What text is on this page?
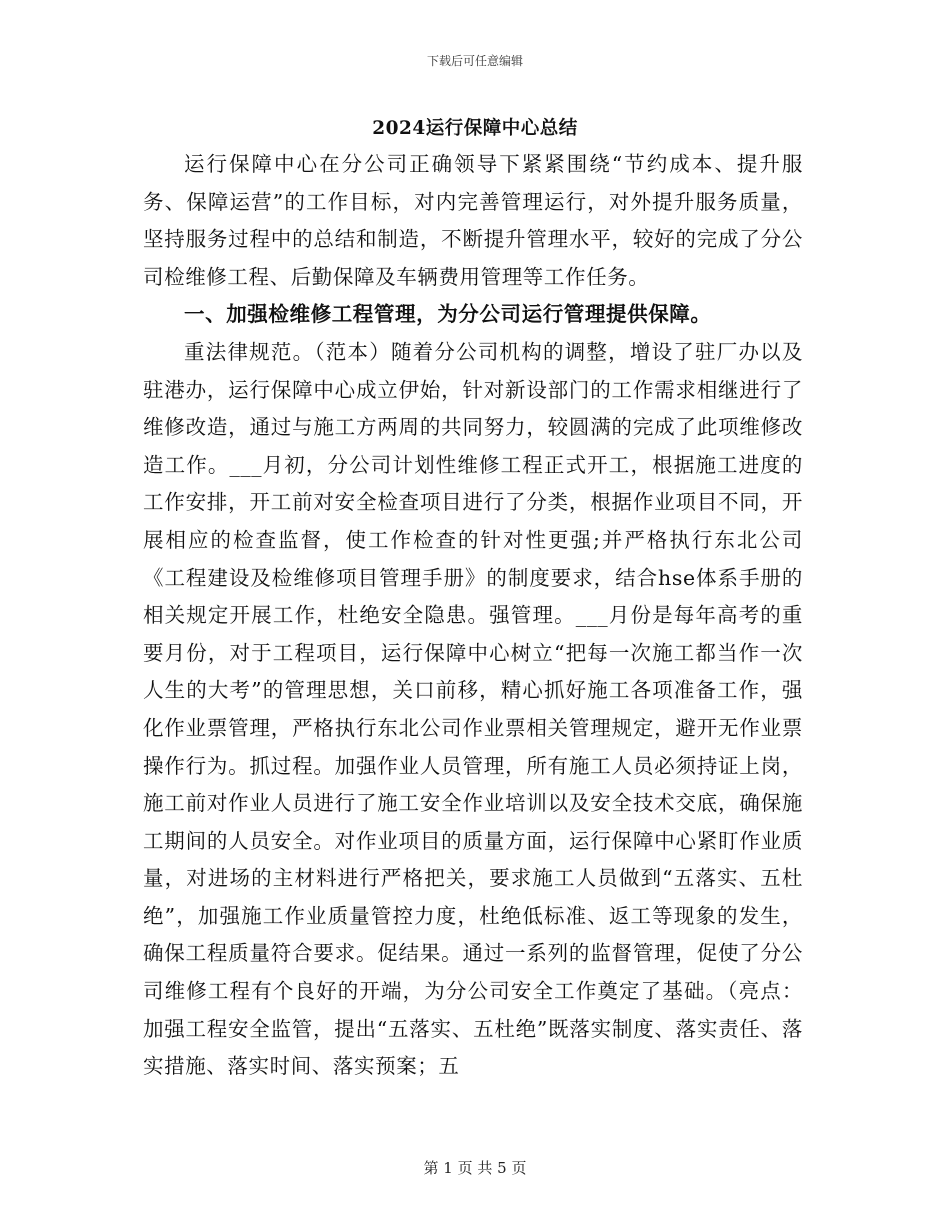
下载后可任意编辑
2024运行保障中心总结

运行保障中心在分公司正确领导下紧紧围绕“节约成本、提升服务、保障运营”的工作目标，对内完善管理运行，对外提升服务质量，坚持服务过程中的总结和制造，不断提升管理水平，较好的完成了分公司检维修工程、后勤保障及车辆费用管理等工作任务。

一、加强检维修工程管理，为分公司运行管理提供保障。

重法律规范。（范本）随着分公司机构的调整，增设了驻厂办以及驻港办，运行保障中心成立伊始，针对新设部门的工作需求相继进行了维修改造，通过与施工方两周的共同努力，较圆满的完成了此项维修改造工作。___月初，分公司计划性维修工程正式开工，根据施工进度的工作安排，开工前对安全检查项目进行了分类，根据作业项目不同，开展相应的检查监督，使工作检查的针对性更强;并严格执行东北公司《工程建设及检维修项目管理手册》的制度要求，结合hse体系手册的相关规定开展工作，杜绝安全隐患。强管理。___月份是每年高考的重要月份，对于工程项目，运行保障中心树立“把每一次施工都当作一次人生的大考”的管理思想，关口前移，精心抓好施工各项准备工作，强化作业票管理，严格执行东北公司作业票相关管理规定，避开无作业票操作行为。抓过程。加强作业人员管理，所有施工人员必须持证上岗，施工前对作业人员进行了施工安全作业培训以及安全技术交底，确保施工期间的人员安全。对作业项目的质量方面，运行保障中心紧盯作业质量，对进场的主材料进行严格把关，要求施工人员做到“五落实、五杜绝”，加强施工作业质量管控力度，杜绝低标准、返工等现象的发生，确保工程质量符合要求。促结果。通过一系列的监督管理，促使了分公司维修工程有个良好的开端，为分公司安全工作奠定了基础。（亮点：加强工程安全监管，提出“五落实、五杜绝”既落实制度、落实责任、落实措施、落实时间、落实预案；五

第 1 页 共 5 页
